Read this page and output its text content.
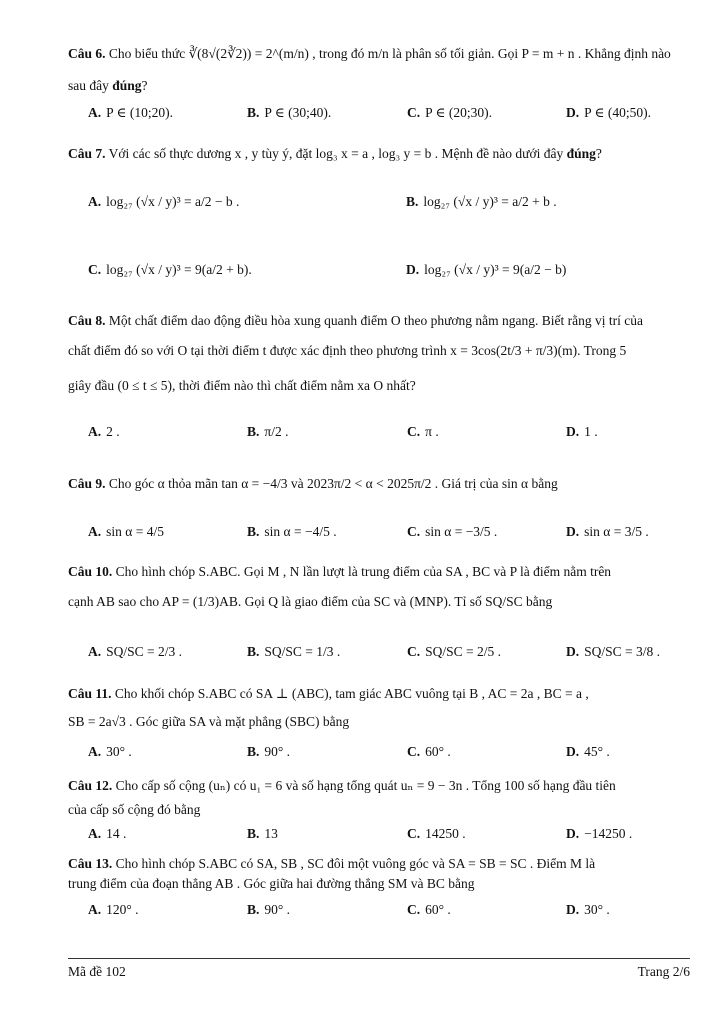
Câu 6. Cho biểu thức ∛(8√(2∛2)) = 2^(m/n) , trong đó m/n là phân số tối giản. Gọi P = m + n . Khẳng định nào
sau đây đúng?
A. P ∈ (10;20).	B. P ∈ (30;40).	C. P ∈ (20;30).	D. P ∈ (40;50).
Câu 7. Với các số thực dương x , y tùy ý, đặt log₃ x = a , log₃ y = b . Mệnh đề nào dưới đây đúng?
A. log₂₇ (√x / y)³ = a/2 − b .	B. log₂₇ (√x / y)³ = a/2 + b .
C. log₂₇ (√x / y)³ = 9(a/2 + b).	D. log₂₇ (√x / y)³ = 9(a/2 − b)
Câu 8. Một chất điểm dao động điều hòa xung quanh điểm O theo phương nằm ngang. Biết rằng vị trí của
chất điểm đó so với O tại thời điểm t được xác định theo phương trình x = 3cos(2t/3 + π/3)(m). Trong 5
giây đầu (0 ≤ t ≤ 5), thời điểm nào thì chất điểm nằm xa O nhất?
A. 2 .	B. π/2 .	C. π .	D. 1 .
Câu 9. Cho góc α thỏa mãn tan α = −4/3 và 2023π/2 < α < 2025π/2 . Giá trị của sin α bằng
A. sin α = 4/5	B. sin α = −4/5 .	C. sin α = −3/5 .	D. sin α = 3/5 .
Câu 10. Cho hình chóp S.ABC. Gọi M , N lần lượt là trung điểm của SA , BC và P là điểm nằm trên
cạnh AB sao cho AP = (1/3)AB. Gọi Q là giao điểm của SC và (MNP). Tỉ số SQ/SC bằng
A. SQ/SC = 2/3 .	B. SQ/SC = 1/3 .	C. SQ/SC = 2/5 .	D. SQ/SC = 3/8 .
Câu 11. Cho khối chóp S.ABC có SA ⊥ (ABC), tam giác ABC vuông tại B , AC = 2a , BC = a ,
SB = 2a√3 . Góc giữa SA và mặt phẳng (SBC) bằng
A. 30° .	B. 90° .	C. 60° .	D. 45° .
Câu 12. Cho cấp số cộng (uₙ) có u₁ = 6 và số hạng tổng quát uₙ = 9 − 3n . Tổng 100 số hạng đầu tiên
của cấp số cộng đó bằng
A. 14 .	B. 13	C. 14250 .	D. −14250 .
Câu 13. Cho hình chóp S.ABC có SA, SB , SC đôi một vuông góc và SA = SB = SC . Điểm M là
trung điểm của đoạn thẳng AB . Góc giữa hai đường thẳng SM và BC bằng
A. 120° .	B. 90° .	C. 60° .	D. 30° .
Mã đề 102	Trang 2/6
